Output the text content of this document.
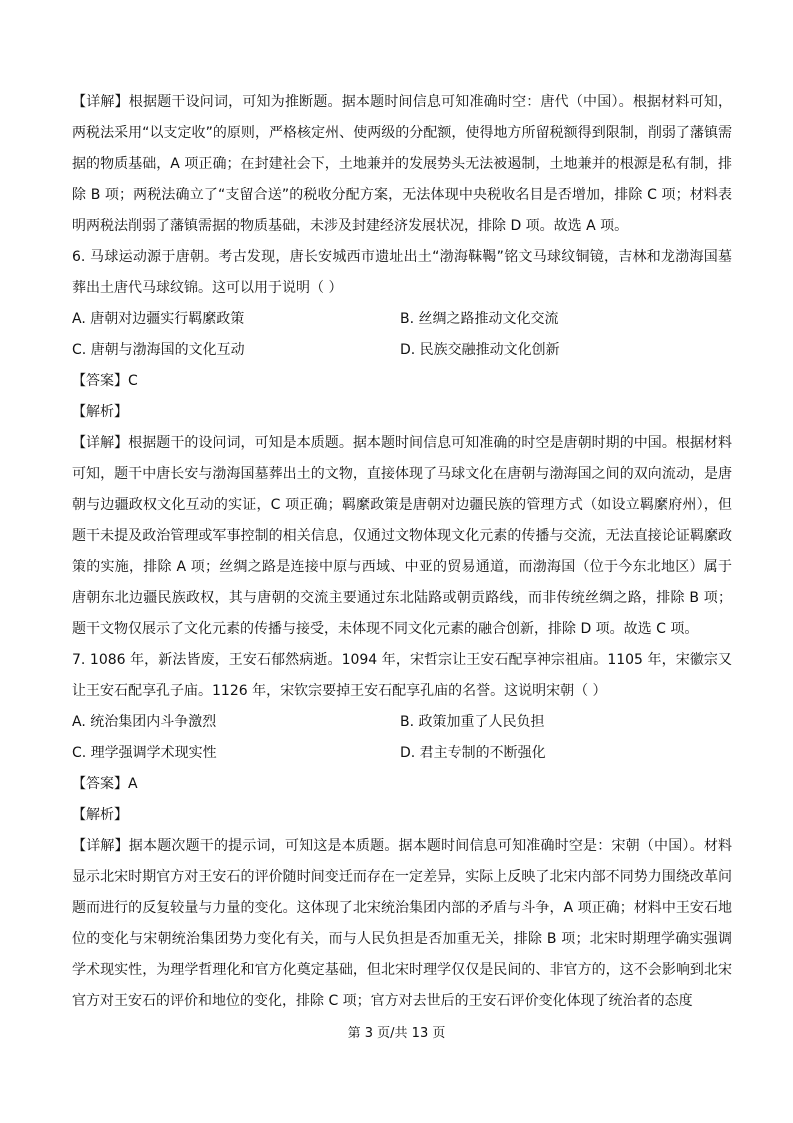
【详解】根据题干设问词，可知为推断题。据本题时间信息可知准确时空：唐代（中国）。根据材料可知，两税法采用“以支定收”的原则，严格核定州、使两级的分配额，使得地方所留税额得到限制，削弱了藩镇需据的物质基础，A 项正确；在封建社会下，土地兼并的发展势头无法被遏制，土地兼并的根源是私有制，排除 B 项；两税法确立了“支留合送”的税收分配方案，无法体现中央税收名目是否增加，排除 C 项；材料表明两税法削弱了藩镇需据的物质基础，未涉及封建经济发展状况，排除 D 项。故选 A 项。

6. 马球运动源于唐朝。考古发现，唐长安城西市遗址出土“渤海靺鞨”铭文马球纹铜镜，吉林和龙渤海国墓葬出土唐代马球纹锦。这可以用于说明（ ）

A. 唐朝对边疆实行羁縻政策	B. 丝绸之路推动文化交流
C. 唐朝与渤海国的文化互动	D. 民族交融推动文化创新

【答案】C

【解析】

【详解】根据题干的设问词，可知是本质题。据本题时间信息可知准确的时空是唐朝时期的中国。根据材料可知，题干中唐长安与渤海国墓葬出土的文物，直接体现了马球文化在唐朝与渤海国之间的双向流动，是唐朝与边疆政权文化互动的实证，C 项正确；羁縻政策是唐朝对边疆民族的管理方式（如设立羁縻府州），但题干未提及政治管理或军事控制的相关信息，仅通过文物体现文化元素的传播与交流，无法直接论证羁縻政策的实施，排除 A 项；丝绸之路是连接中原与西域、中亚的贸易通道，而渤海国（位于今东北地区）属于唐朝东北边疆民族政权，其与唐朝的交流主要通过东北陆路或朝贡路线，而非传统丝绸之路，排除 B 项；题干文物仅展示了文化元素的传播与接受，未体现不同文化元素的融合创新，排除 D 项。故选 C 项。

7. 1086 年，新法皆废，王安石郁然病逝。1094 年，宋哲宗让王安石配享神宗祖庙。1105 年，宋徽宗又让王安石配享孔子庙。1126 年，宋钦宗要掉王安石配享孔庙的名誉。这说明宋朝（ ）

A. 统治集团内斗争激烈	B. 政策加重了人民负担
C. 理学强调学术现实性	D. 君主专制的不断强化

【答案】A

【解析】

【详解】据本题次题干的提示词，可知这是本质题。据本题时间信息可知准确时空是：宋朝（中国）。材料显示北宋时期官方对王安石的评价随时间变迁而存在一定差异，实际上反映了北宋内部不同势力围绕改革问题而进行的反复较量与力量的变化。这体现了北宋统治集团内部的矛盾与斗争，A 项正确；材料中王安石地位的变化与宋朝统治集团势力变化有关，而与人民负担是否加重无关，排除 B 项；北宋时期理学确实强调学术现实性，为理学哲理化和官方化奠定基础，但北宋时理学仅仅是民间的、非官方的，这不会影响到北宋官方对王安石的评价和地位的变化，排除 C 项；官方对去世后的王安石评价变化体现了统治者的态度

第 3 页/共 13 页
